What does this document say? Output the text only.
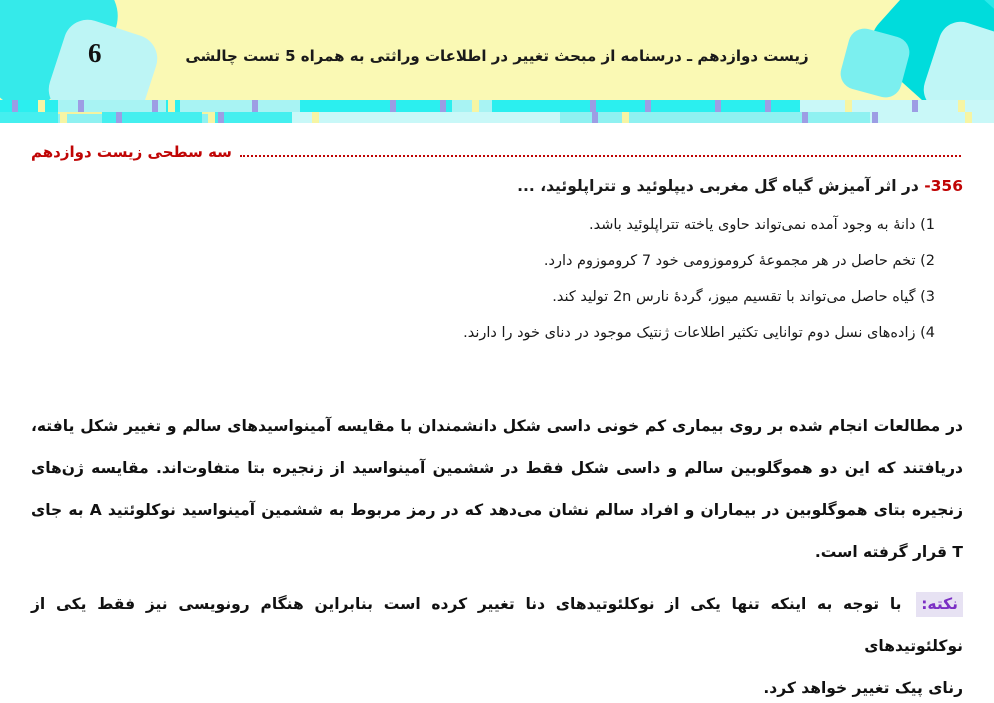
6	زیست دوازدهم ـ درسنامه از مبحث تغییر در اطلاعات وراثتی به همراه 5 تست چالشی
سه سطحی زیست دوازدهم
356- در اثر آمیزش گیاه گل مغربی دیپلوئید و تتراپلوئید، ...
1) دانهٔ به وجود آمده نمی‌تواند حاوی یاخته تتراپلوئید باشد.
2) تخم حاصل در هر مجموعهٔ کروموزومی خود 7 کروموزوم دارد.
3) گیاه حاصل می‌تواند با تقسیم میوز، گردهٔ نارس 2n تولید کند.
4) زاده‌های نسل دوم توانایی تکثیر اطلاعات ژنتیک موجود در دنای خود را دارند.
در مطالعات انجام شده بر روی بیماری کم خونی داسی شکل دانشمندان با مقایسه آمینواسیدهای سالم و تغییر شکل یافته،
دریافتند که این دو هموگلوبین سالم و داسی شکل فقط در ششمین آمینواسید از زنجیره بتا متفاوت‌اند. مقایسه ژن‌های
زنجیره بتای هموگلوبین در بیماران و افراد سالم نشان می‌دهد که در رمز مربوط به ششمین آمینواسید نوکلوئتید A به جای
T قرار گرفته است.
نکته: با توجه به اینکه تنها یکی از نوکلئوتیدهای دنا تغییر کرده است بنابراین هنگام رونویسی نیز فقط یکی از نوکلئوتیدهای
رنای پیک تغییر خواهد کرد.
